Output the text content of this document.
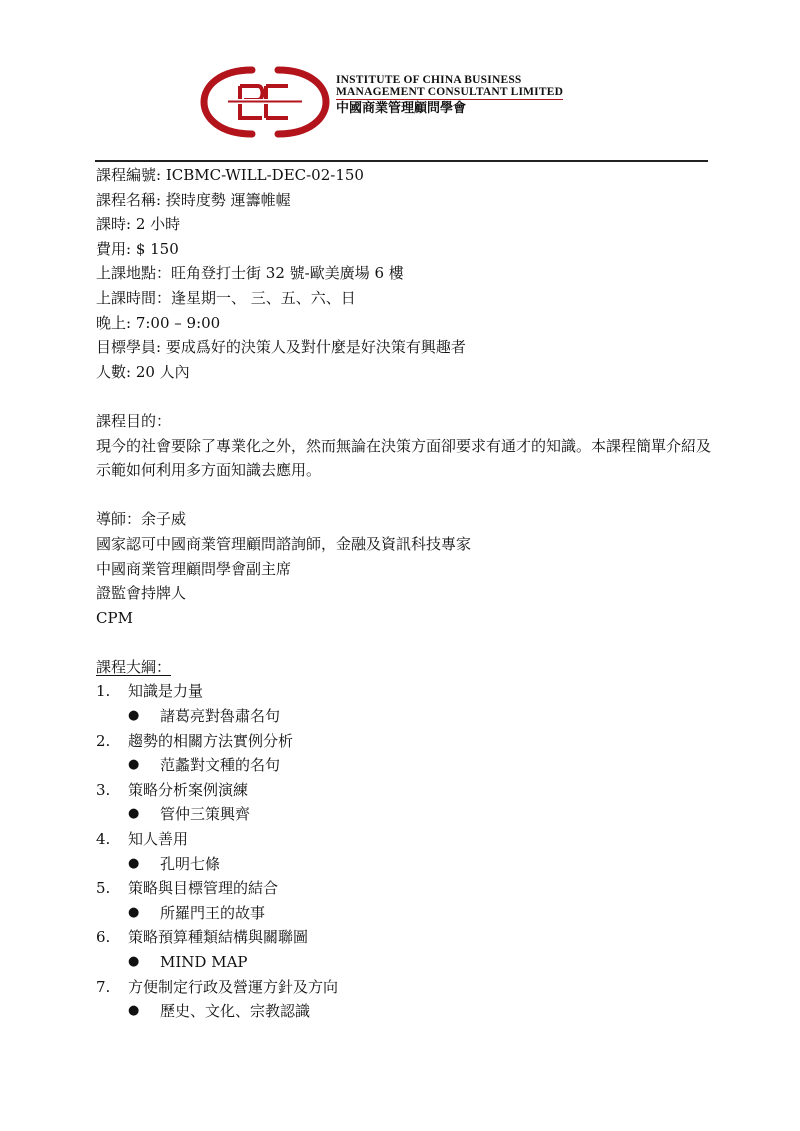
INSTITUTE OF CHINA BUSINESS
MANAGEMENT CONSULTANT LIMITED
中國商業管理顧問學會
課程編號: ICBMC-WILL-DEC-02-150
課程名稱: 揆時度勢 運籌帷幄
課時: 2 小時
費用: $ 150
上課地點：旺角登打士街 32 號-歐美廣場 6 樓
上課時間：逢星期一、 三、五、六、日
晚上: 7:00 – 9:00
目標學員: 要成爲好的決策人及對什麼是好決策有興趣者
人數: 20 人內
課程目的：
現今的社會要除了專業化之外，然而無論在決策方面卻要求有通才的知識。本課程簡單介紹及示範如何利用多方面知識去應用。
導師：余子威
國家認可中國商業管理顧問諮詢師，金融及資訊科技專家
中國商業管理顧問學會副主席
證監會持牌人
CPM
課程大綱：
1.	知識是力量
●	諸葛亮對魯肅名句
2.	趨勢的相關方法實例分析
●	范蠡對文種的名句
3.	策略分析案例演練
●	管仲三策興齊
4.	知人善用
●	孔明七條
5.	策略與目標管理的結合
●	所羅門王的故事
6.	策略預算種類結構與關聯圖
●	MIND MAP
7.	方便制定行政及營運方針及方向
●	歷史、文化、宗教認識
